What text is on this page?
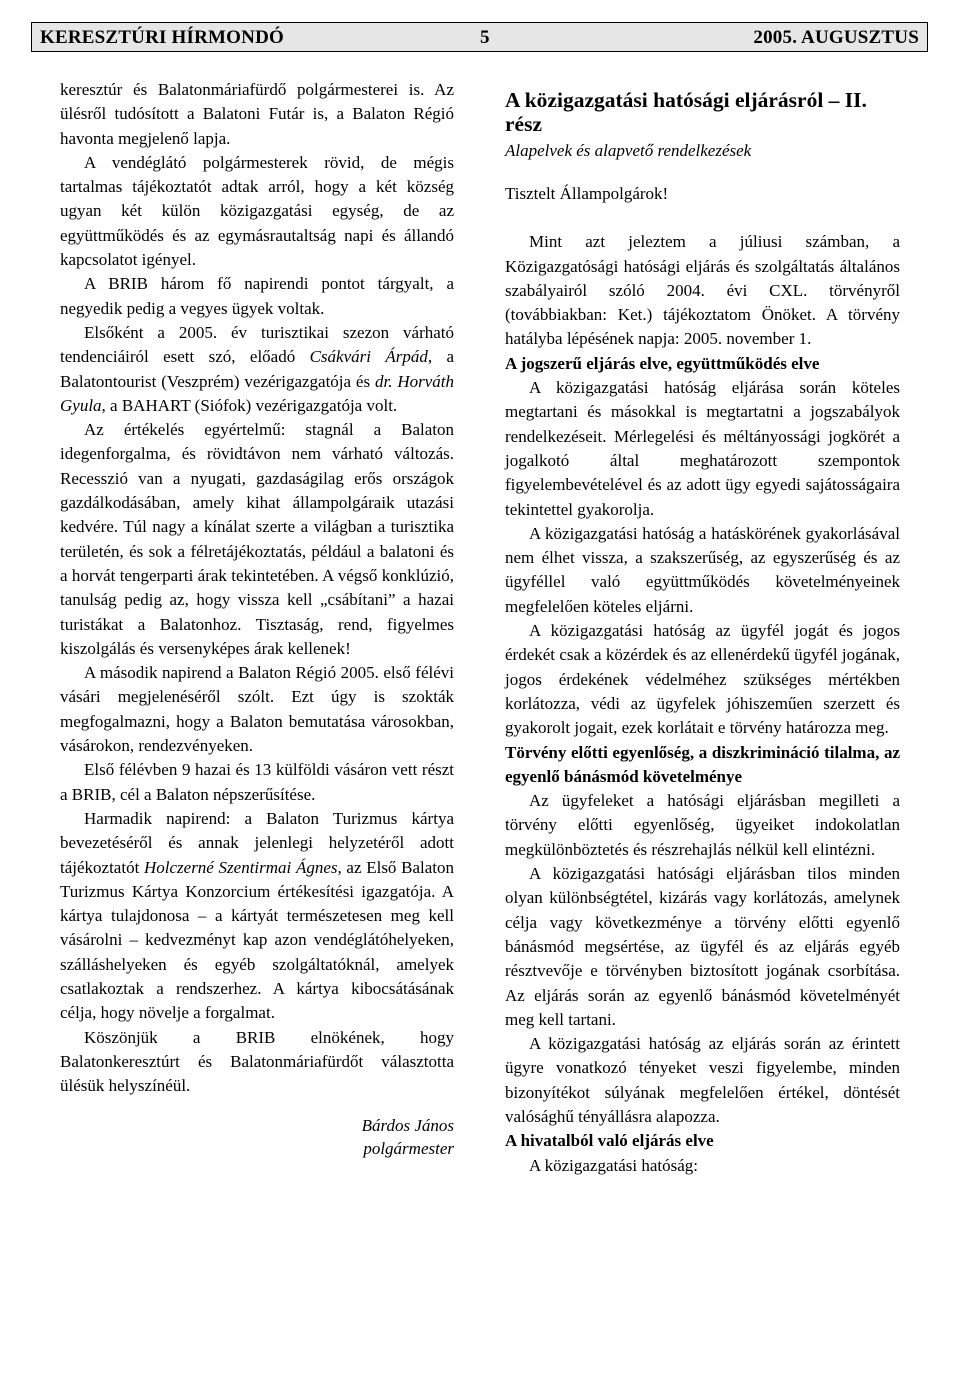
KERESZTÚRI HÍRMONDÓ	5	2005. AUGUSZTUS

keresztúr és Balatonmáriafürdő polgármesterei is. Az ülésről tudósított a Balatoni Futár is, a Balaton Régió havonta megjelenő lapja.

A vendéglátó polgármesterek rövid, de mégis tartalmas tájékoztatót adtak arról, hogy a két község ugyan két külön közigazgatási egység, de az együttműködés és az egymásrautaltság napi és állandó kapcsolatot igényel.

A BRIB három fő napirendi pontot tárgyalt, a negyedik pedig a vegyes ügyek voltak.

Elsőként a 2005. év turisztikai szezon várható tendenciáiról esett szó, előadó Csákvári Árpád, a Balatontourist (Veszprém) vezérigazgatója és dr. Horváth Gyula, a BAHART (Siófok) vezérigazgatója volt.

Az értékelés egyértelmű: stagnál a Balaton idegenforgalma, és rövidtávon nem várható változás. Recesszió van a nyugati, gazdaságilag erős országok gazdálkodásában, amely kihat állampolgáraik utazási kedvére. Túl nagy a kínálat szerte a világban a turisztika területén, és sok a félretájékoztatás, például a balatoni és a horvát tengerparti árak tekintetében. A végső konklúzió, tanulság pedig az, hogy vissza kell „csábítani” a hazai turistákat a Balatonhoz. Tisztaság, rend, figyelmes kiszolgálás és versenyképes árak kellenek!

A második napirend a Balaton Régió 2005. első félévi vásári megjelenéséről szólt. Ezt úgy is szokták megfogalmazni, hogy a Balaton bemutatása városokban, vásárokon, rendezvényeken.

Első félévben 9 hazai és 13 külföldi vásáron vett részt a BRIB, cél a Balaton népszerűsítése.

Harmadik napirend: a Balaton Turizmus kártya bevezetéséről és annak jelenlegi helyzetéről adott tájékoztatót Holczerné Szentirmai Ágnes, az Első Balaton Turizmus Kártya Konzorcium értékesítési igazgatója. A kártya tulajdonosa – a kártyát természetesen meg kell vásárolni – kedvezményt kap azon vendéglátóhelyeken, szálláshelyeken és egyéb szolgáltatóknál, amelyek csatlakoztak a rendszerhez. A kártya kibocsátásának célja, hogy növelje a forgalmat.

Köszönjük a BRIB elnökének, hogy Balatonkeresztúrt és Balatonmáriafürdőt választotta ülésük helyszínéül.

Bárdos János
polgármester
A közigazgatási hatósági eljárásról – II. rész
Alapelvek és alapvető rendelkezések

Tisztelt Állampolgárok!

Mint azt jeleztem a júliusi számban, a Közigazgatósági hatósági eljárás és szolgáltatás általános szabályairól szóló 2004. évi CXL. törvényről (továbbiakban: Ket.) tájékoztatom Önöket. A törvény hatályba lépésének napja: 2005. november 1.

A jogszerű eljárás elve, együttműködés elve

A közigazgatási hatóság eljárása során köteles megtartani és másokkal is megtartatni a jogszabályok rendelkezéseit. Mérlegelési és méltányossági jogkörét a jogalkotó által meghatározott szempontok figyelembevételével és az adott ügy egyedi sajátosságaira tekintettel gyakorolja.

A közigazgatási hatóság a hatáskörének gyakorlásával nem élhet vissza, a szakszerűség, az egyszerűség és az ügyféllel való együttműködés követelményeinek megfelelően köteles eljárni.

A közigazgatási hatóság az ügyfél jogát és jogos érdekét csak a közérdek és az ellenérdekű ügyfél jogának, jogos érdekének védelméhez szükséges mértékben korlátozza, védi az ügyfelek jóhiszeműen szerzett és gyakorolt jogait, ezek korlátait e törvény határozza meg.

Törvény előtti egyenlőség, a diszkrimináció tilalma, az egyenlő bánásmód követelménye

Az ügyfeleket a hatósági eljárásban megilleti a törvény előtti egyenlőség, ügyeiket indokolatlan megkülönböztetés és részrehajlás nélkül kell elintézni.

A közigazgatási hatósági eljárásban tilos minden olyan különbségtétel, kizárás vagy korlátozás, amelynek célja vagy következménye a törvény előtti egyenlő bánásmód megsértése, az ügyfél és az eljárás egyéb résztvevője e törvényben biztosított jogának csorbítása. Az eljárás során az egyenlő bánásmód követelményét meg kell tartani.

A közigazgatási hatóság az eljárás során az érintett ügyre vonatkozó tényeket veszi figyelembe, minden bizonyítékot súlyának megfelelően értékel, döntését valósághű tényállásra alapozza.

A hivatalból való eljárás elve

A közigazgatási hatóság:
